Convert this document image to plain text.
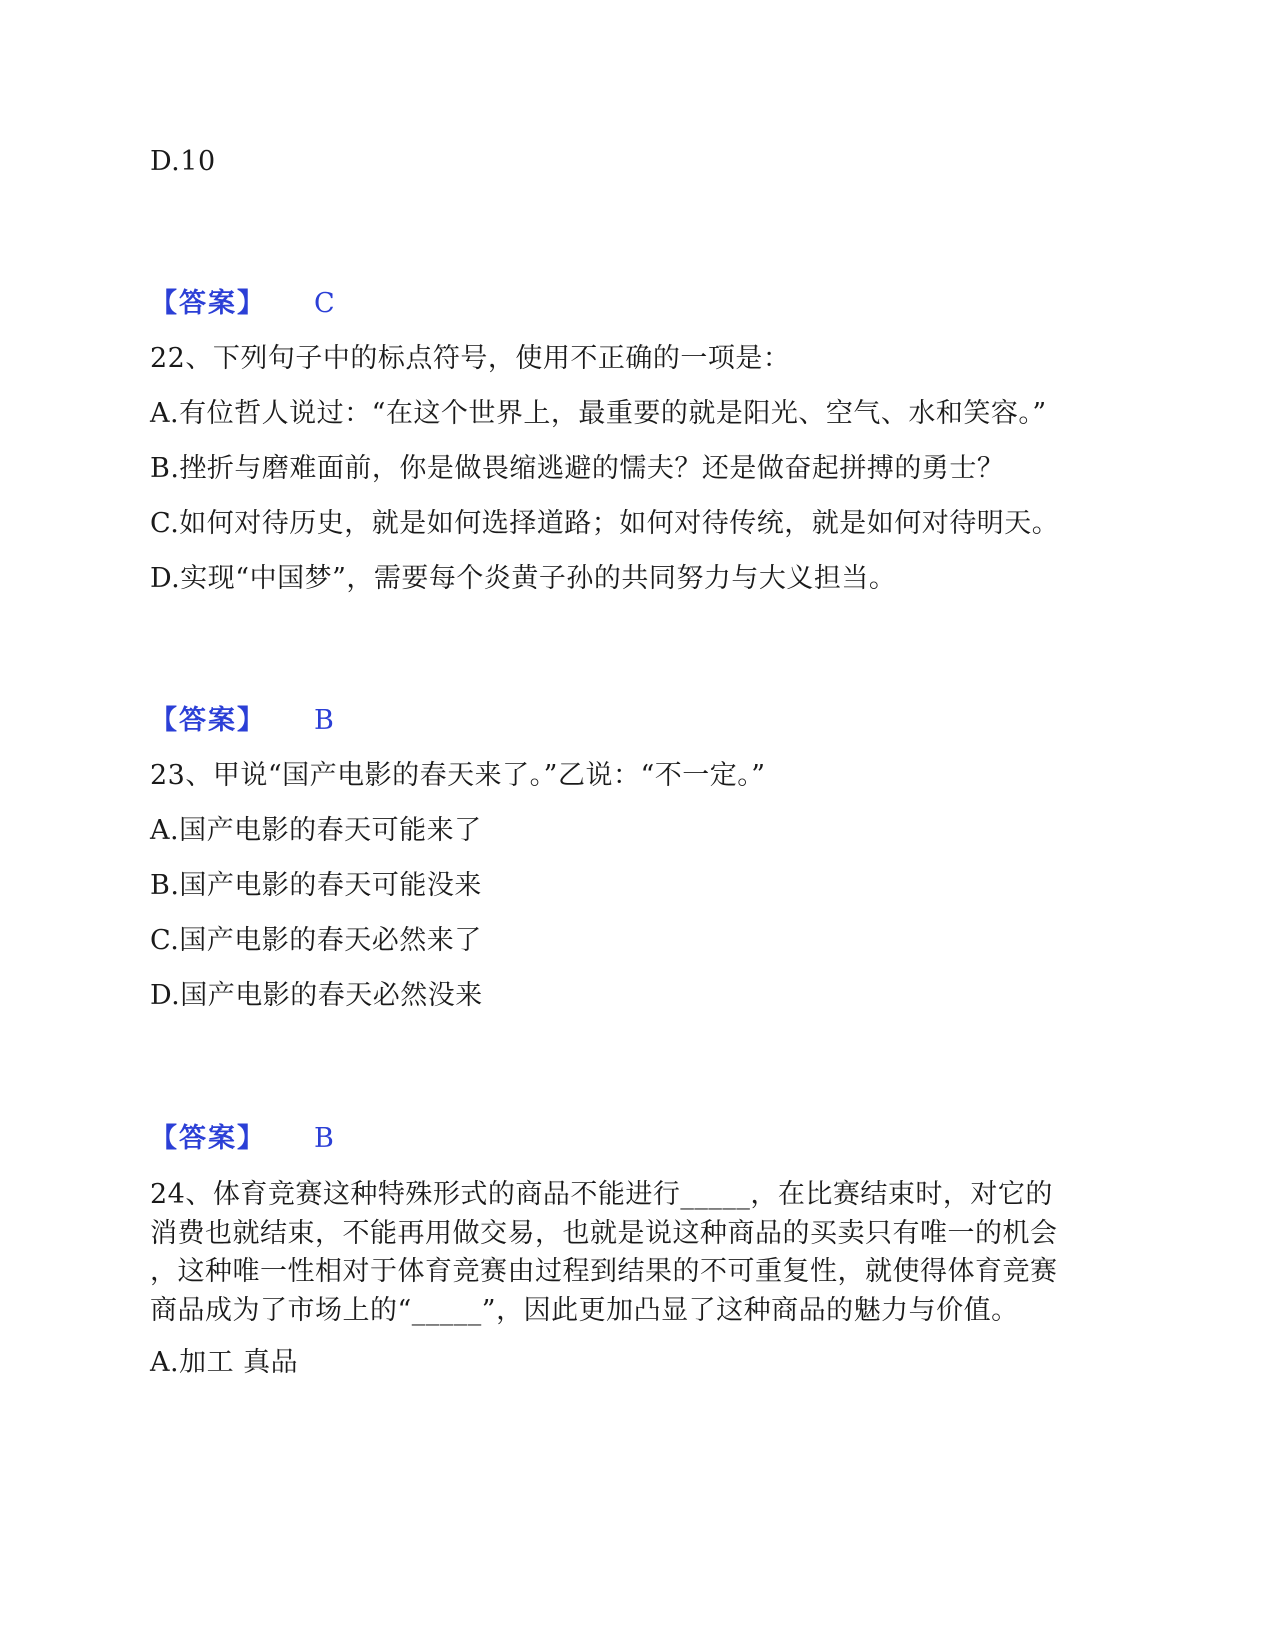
D.10
【答案】 C
22、下列句子中的标点符号，使用不正确的一项是：
A.有位哲人说过：“在这个世界上，最重要的就是阳光、空气、水和笑容。”
B.挫折与磨难面前，你是做畏缩逃避的懦夫？还是做奋起拼搏的勇士？
C.如何对待历史，就是如何选择道路；如何对待传统，就是如何对待明天。
D.实现“中国梦”，需要每个炎黄子孙的共同努力与大义担当。
【答案】 B
23、甲说“国产电影的春天来了。”乙说：“不一定。”
A.国产电影的春天可能来了
B.国产电影的春天可能没来
C.国产电影的春天必然来了
D.国产电影的春天必然没来
【答案】 B
24、体育竞赛这种特殊形式的商品不能进行_____，在比赛结束时，对它的
消费也就结束，不能再用做交易，也就是说这种商品的买卖只有唯一的机会
，这种唯一性相对于体育竞赛由过程到结果的不可重复性，就使得体育竞赛
商品成为了市场上的“_____”，因此更加凸显了这种商品的魅力与价值。
A.加工 真品
